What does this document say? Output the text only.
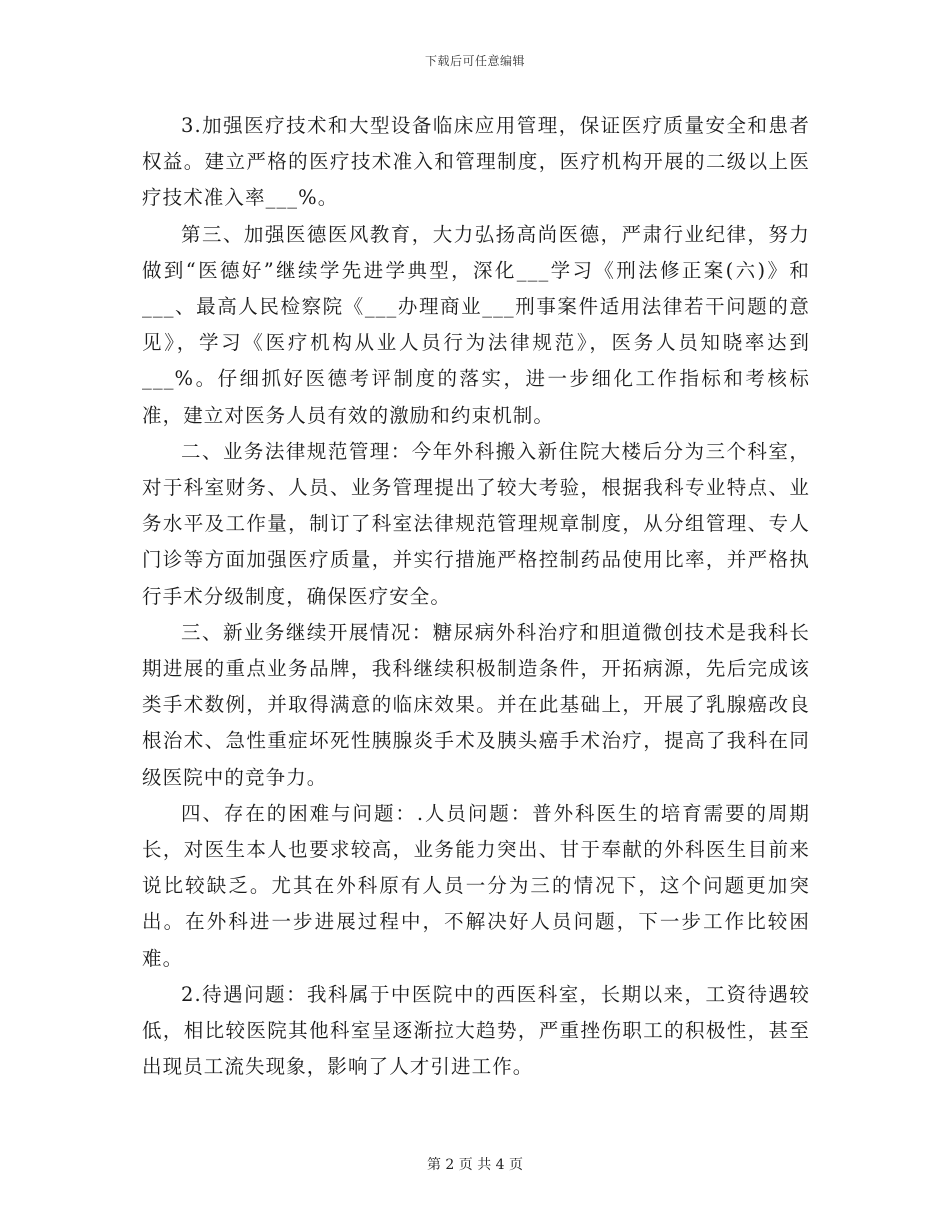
下载后可任意编辑

3.加强医疗技术和大型设备临床应用管理，保证医疗质量安全和患者权益。建立严格的医疗技术准入和管理制度，医疗机构开展的二级以上医疗技术准入率___%。

第三、加强医德医风教育，大力弘扬高尚医德，严肃行业纪律，努力做到“医德好”继续学先进学典型，深化___学习《刑法修正案(六)》和___、最高人民检察院《___办理商业___刑事案件适用法律若干问题的意见》，学习《医疗机构从业人员行为法律规范》，医务人员知晓率达到___%。仔细抓好医德考评制度的落实，进一步细化工作指标和考核标准，建立对医务人员有效的激励和约束机制。

二、业务法律规范管理：今年外科搬入新住院大楼后分为三个科室，对于科室财务、人员、业务管理提出了较大考验，根据我科专业特点、业务水平及工作量，制订了科室法律规范管理规章制度，从分组管理、专人门诊等方面加强医疗质量，并实行措施严格控制药品使用比率，并严格执行手术分级制度，确保医疗安全。

三、新业务继续开展情况：糖尿病外科治疗和胆道微创技术是我科长期进展的重点业务品牌，我科继续积极制造条件，开拓病源，先后完成该类手术数例，并取得满意的临床效果。并在此基础上，开展了乳腺癌改良根治术、急性重症坏死性胰腺炎手术及胰头癌手术治疗，提高了我科在同级医院中的竞争力。

四、存在的困难与问题：.人员问题：普外科医生的培育需要的周期长，对医生本人也要求较高，业务能力突出、甘于奉献的外科医生目前来说比较缺乏。尤其在外科原有人员一分为三的情况下，这个问题更加突出。在外科进一步进展过程中，不解决好人员问题，下一步工作比较困难。

2.待遇问题：我科属于中医院中的西医科室，长期以来，工资待遇较低，相比较医院其他科室呈逐渐拉大趋势，严重挫伤职工的积极性，甚至出现员工流失现象，影响了人才引进工作。

第 2 页 共 4 页
